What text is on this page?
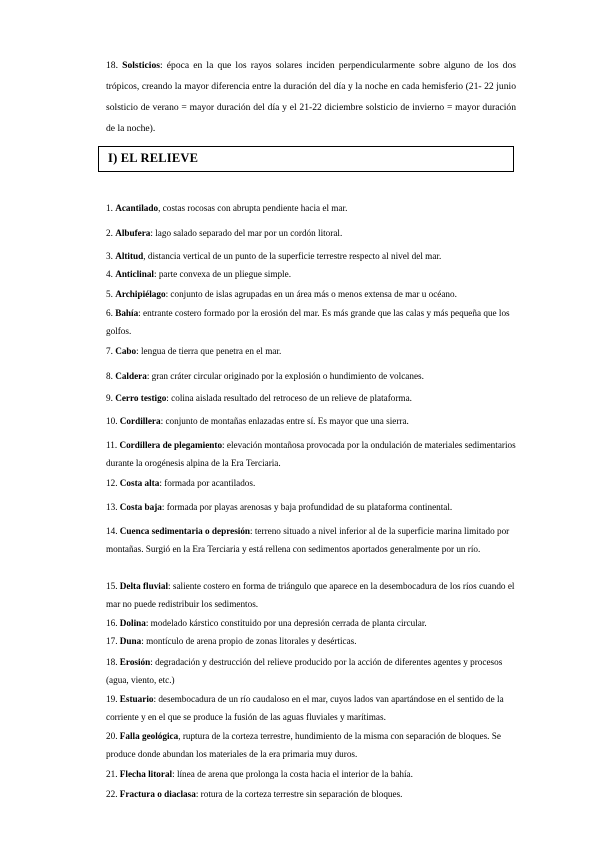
18. Solsticios: época en la que los rayos solares inciden perpendicularmente sobre alguno de los dos trópicos, creando la mayor diferencia entre la duración del día y la noche en cada hemisferio (21- 22 junio solsticio de verano = mayor duración del día y el 21-22 diciembre solsticio de invierno = mayor duración de la noche).
I) EL RELIEVE
1. Acantilado, costas rocosas con abrupta pendiente hacia el mar.
2. Albufera: lago salado separado del mar por un cordón litoral.
3. Altitud, distancia vertical de un punto de la superficie terrestre respecto al nivel del mar.
4. Anticlinal: parte convexa de un pliegue simple.
5. Archipiélago: conjunto de islas agrupadas en un área más o menos extensa de mar u océano.
6. Bahía: entrante costero formado por la erosión del mar. Es más grande que las calas y más pequeña que los golfos.
7. Cabo: lengua de tierra que penetra en el mar.
8. Caldera: gran cráter circular originado por la explosión o hundimiento de volcanes.
9. Cerro testigo: colina aislada resultado del retroceso de un relieve de plataforma.
10. Cordillera: conjunto de montañas enlazadas entre sí. Es mayor que una sierra.
11. Cordillera de plegamiento: elevación montañosa provocada por la ondulación de materiales sedimentarios durante la orogénesis alpina de la Era Terciaria.
12. Costa alta: formada por acantilados.
13. Costa baja: formada por playas arenosas y baja profundidad de su plataforma continental.
14. Cuenca sedimentaria o depresión: terreno situado a nivel inferior al de la superficie marina limitado por montañas. Surgió en la Era Terciaria y está rellena con sedimentos aportados generalmente por un río.
15. Delta fluvial: saliente costero en forma de triángulo que aparece en la desembocadura de los ríos cuando el mar no puede redistribuir los sedimentos.
16. Dolina: modelado kárstico constituido por una depresión cerrada de planta circular.
17. Duna: montículo de arena propio de zonas litorales y desérticas.
18. Erosión: degradación y destrucción del relieve producido por la acción de diferentes agentes y procesos (agua, viento, etc.)
19. Estuario: desembocadura de un río caudaloso en el mar, cuyos lados van apartándose en el sentido de la corriente y en el que se produce la fusión de las aguas fluviales y marítimas.
20. Falla geológica, ruptura de la corteza terrestre, hundimiento de la misma con separación de bloques. Se produce donde abundan los materiales de la era primaria muy duros.
21. Flecha litoral: línea de arena que prolonga la costa hacia el interior de la bahía.
22. Fractura o diaclasa: rotura de la corteza terrestre sin separación de bloques.
